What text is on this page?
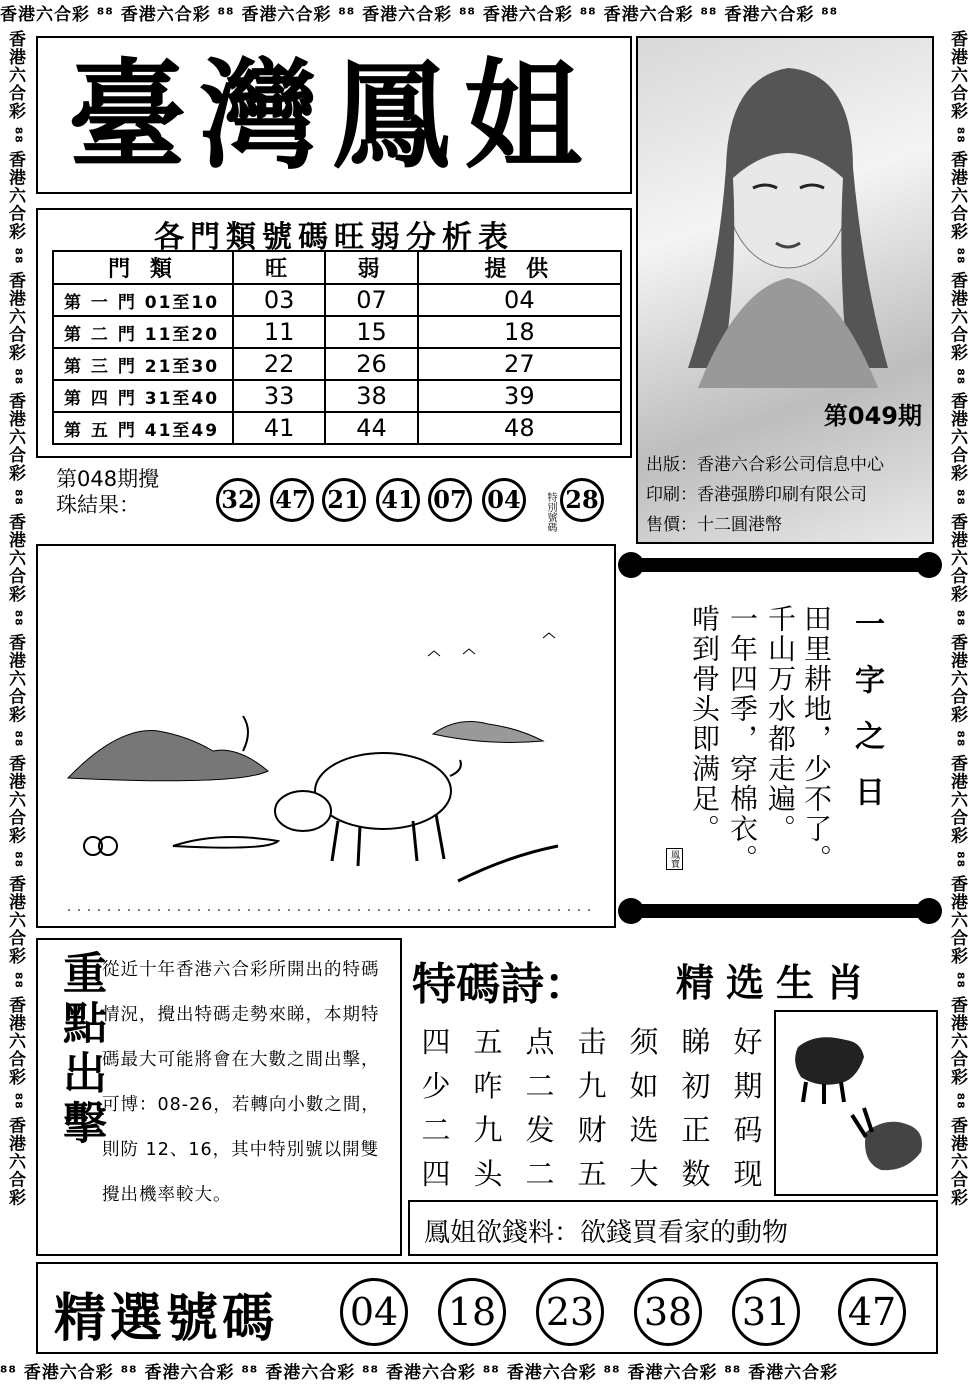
香港六合彩 ⁸⁸ 香港六合彩 ⁸⁸ 香港六合彩 ⁸⁸ 香港六合彩 ⁸⁸ 香港六合彩 ⁸⁸ 香港六合彩 ⁸⁸ 香港六合彩 ⁸⁸
⁸⁸ 香港六合彩 ⁸⁸ 香港六合彩 ⁸⁸ 香港六合彩 ⁸⁸ 香港六合彩 ⁸⁸ 香港六合彩 ⁸⁸ 香港六合彩 ⁸⁸ 香港六合彩
香港六合彩 ⁸⁸ 香港六合彩 ⁸⁸ 香港六合彩 ⁸⁸ 香港六合彩 ⁸⁸ 香港六合彩 ⁸⁸ 香港六合彩 ⁸⁸ 香港六合彩 ⁸⁸ 香港六合彩 ⁸⁸ 香港六合彩 ⁸⁸ 香港六合彩	香港六合彩 ⁸⁸ 香港六合彩 ⁸⁸ 香港六合彩 ⁸⁸ 香港六合彩 ⁸⁸ 香港六合彩 ⁸⁸ 香港六合彩 ⁸⁸ 香港六合彩 ⁸⁸ 香港六合彩 ⁸⁸ 香港六合彩 ⁸⁸ 香港六合彩
臺灣鳳姐
各門類號碼旺弱分析表
門 類	旺	弱	提 供
第 一 門 01至10	03	07	04
第 二 門 11至20	11	15	18
第 三 門 21至30	22	26	27
第 四 門 31至40	33	38	39
第 五 門 41至49	41	44	48	第049期
出版：香港六合彩公司信息中心
印刷：香港强勝印刷有限公司
售價：十二圓港幣
第048期攪
珠結果：	32 47 21 41 07 04	特別號碼 28
一字之日
田里耕地，少不了。
千山万水都走遍。
一年四季，穿棉衣。
啃到骨头即满足。
鳳寶
重點出擊
從近十年香港六合彩所開出的特碼情況，攪出特碼走勢來睇，本期特碼最大可能將會在大數之間出擊，可博：08-26，若轉向小數之間，則防 12、16，其中特別號以開雙攪出機率較大。
特碼詩： 精选生肖
四	五	点	击	须	睇	好
少	咋	二	九	如	初	期
二	九	发	财	选	正	码
四	头	二	五	大	数	现
鳳姐欲錢料：欲錢買看家的動物
精選號碼 04 18 23 38 31 47
